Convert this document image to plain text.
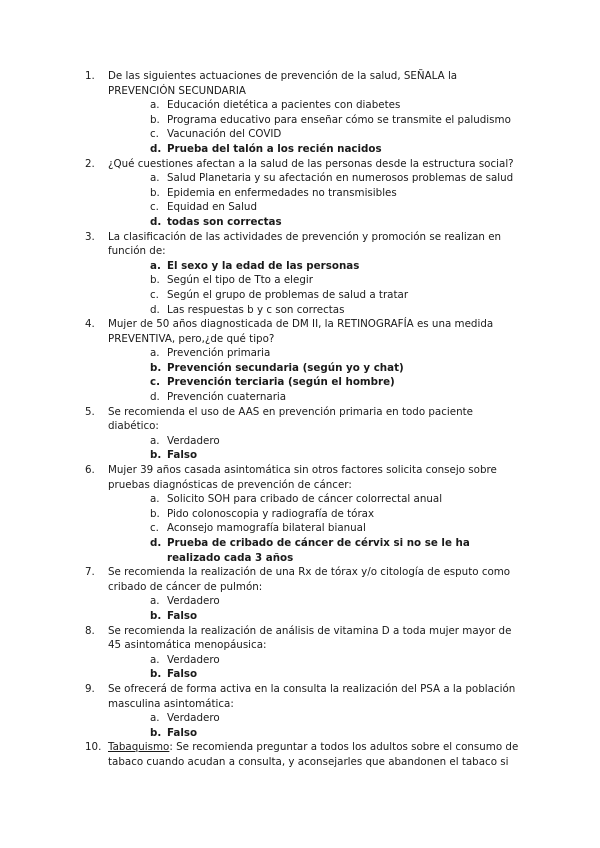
1. De las siguientes actuaciones de prevención de la salud, SEÑALA la PREVENCIÓN SECUNDARIA
a. Educación dietética a pacientes con diabetes
b. Programa educativo para enseñar cómo se transmite el paludismo
c. Vacunación del COVID
d. Prueba del talón a los recién nacidos
2. ¿Qué cuestiones afectan a la salud de las personas desde la estructura social?
a. Salud Planetaria y su afectación en numerosos problemas de salud
b. Epidemia en enfermedades no transmisibles
c. Equidad en Salud
d. todas son correctas
3. La clasificación de las actividades de prevención y promoción se realizan en función de:
a. El sexo y la edad de las personas
b. Según el tipo de Tto a elegir
c. Según el grupo de problemas de salud a tratar
d. Las respuestas b y c son correctas
4. Mujer de 50 años diagnosticada de DM II, la RETINOGRAFÍA es una medida PREVENTIVA, pero,¿de qué tipo?
a. Prevención primaria
b. Prevención secundaria (según yo y chat)
c. Prevención terciaria (según el hombre)
d. Prevención cuaternaria
5. Se recomienda el uso de AAS en prevención primaria en todo paciente diabético:
a. Verdadero
b. Falso
6. Mujer 39 años casada asintomática sin otros factores solicita consejo sobre pruebas diagnósticas de prevención de cáncer:
a. Solicito SOH para cribado de cáncer colorrectal anual
b. Pido colonoscopia y radiografía de tórax
c. Aconsejo mamografía bilateral bianual
d. Prueba de cribado de cáncer de cérvix si no se le ha realizado cada 3 años
7. Se recomienda la realización de una Rx de tórax y/o citología de esputo como cribado de cáncer de pulmón:
a. Verdadero
b. Falso
8. Se recomienda la realización de análisis de vitamina D a toda mujer mayor de 45 asintomática menopáusica:
a. Verdadero
b. Falso
9. Se ofrecerá de forma activa en la consulta la realización del PSA a la población masculina asintomática:
a. Verdadero
b. Falso
10. Tabaquismo: Se recomienda preguntar a todos los adultos sobre el consumo de tabaco cuando acudan a consulta, y aconsejarles que abandonen el tabaco si
